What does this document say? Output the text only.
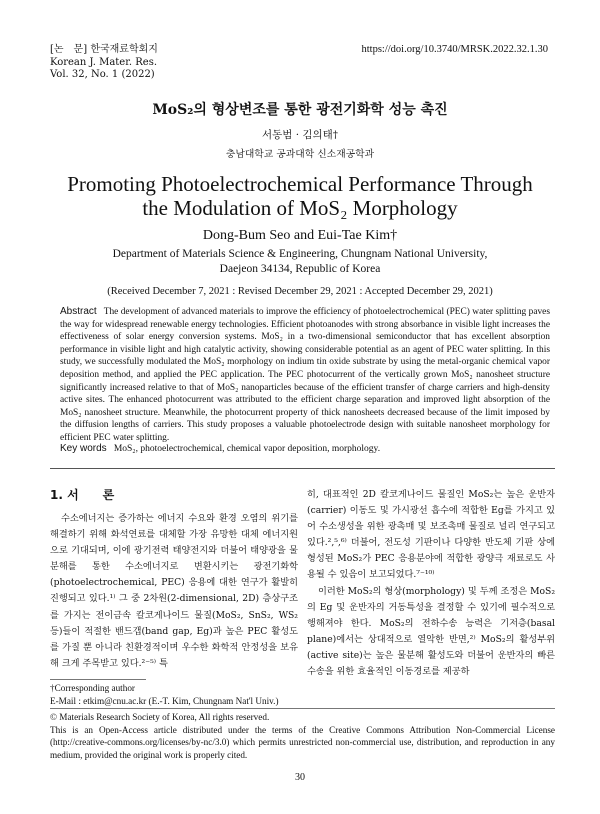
[논　문] 한국재료학회지
Korean J. Mater. Res.
Vol. 32, No. 1 (2022)
https://doi.org/10.3740/MRSK.2022.32.1.30
MoS₂의 형상변조를 통한 광전기화학 성능 촉진
서동범 · 김의태†
충남대학교 공과대학 신소재공학과
Promoting Photoelectrochemical Performance Through
the Modulation of MoS₂ Morphology
Dong-Bum Seo and Eui-Tae Kim†
Department of Materials Science & Engineering, Chungnam National University,
Daejeon 34134, Republic of Korea
(Received December 7, 2021 : Revised December 29, 2021 : Accepted December 29, 2021)
Abstract The development of advanced materials to improve the efficiency of photoelectrochemical (PEC) water splitting paves the way for widespread renewable energy technologies. Efficient photoanodes with strong absorbance in visible light increases the effectiveness of solar energy conversion systems. MoS₂ in a two-dimensional semiconductor that has excellent absorption performance in visible light and high catalytic activity, showing considerable potential as an agent of PEC water splitting. In this study, we successfully modulated the MoS₂ morphology on indium tin oxide substrate by using the metal-organic chemical vapor deposition method, and applied the PEC application. The PEC photocurrent of the vertically grown MoS₂ nanosheet structure significantly increased relative to that of MoS₂ nanoparticles because of the efficient transfer of charge carriers and high-density active sites. The enhanced photocurrent was attributed to the efficient charge separation and improved light absorption of the MoS₂ nanosheet structure. Meanwhile, the photocurrent property of thick nanosheets decreased because of the limit imposed by the diffusion lengths of carriers. This study proposes a valuable photoelectrode design with suitable nanosheet morphology for efficient PEC water splitting.
Key words MoS₂, photoelectrochemical, chemical vapor deposition, morphology.
1. 서　　론

수소에너지는 증가하는 에너지 수요와 환경 오염의 위기를 해결하기 위해 화석연료를 대체할 가장 유망한 대체 에너지원으로 기대되며, 이에 광기전력 태양전지와 더불어 태양광을 물분해를 통한 수소에너지로 변환시키는 광전기화학(photoelectrochemical, PEC) 응용에 대한 연구가 활발히 진행되고 있다.¹⁾ 그 중 2차원(2-dimensional, 2D) 층상구조를 가지는 전이금속 칼코게나이드 물질(MoS₂, SnS₂, WS₂ 등)들이 적절한 밴드갭(band gap, Eg)과 높은 PEC 활성도를 가질 뿐 아니라 친환경적이며 우수한 화학적 안정성을 보유해 크게 주목받고 있다.²⁻⁵⁾ 특

히, 대표적인 2D 칼코게나이드 물질인 MoS₂는 높은 운반자(carrier) 이동도 및 가시광선 흡수에 적합한 Eg를 가지고 있어 수소생성을 위한 광촉매 및 보조촉매 물질로 널리 연구되고 있다.²,⁵,⁶⁾ 더불어, 전도성 기판이나 다양한 반도체 기판 상에 형성된 MoS₂가 PEC 응용분야에 적합한 광양극 재료로도 사용될 수 있음이 보고되었다.⁷⁻¹⁰⁾

이러한 MoS₂의 형상(morphology) 및 두께 조정은 MoS₂의 Eg 및 운반자의 거동특성을 결정할 수 있기에 필수적으로 행해져야 한다. MoS₂의 전하수송 능력은 기저층(basal plane)에서는 상대적으로 열악한 반면,²⁾ MoS₂의 활성부위(active site)는 높은 물분해 활성도와 더불어 운반자의 빠른 수송을 위한 효율적인 이동경로를 제공하

†Corresponding author
E-Mail : etkim@cnu.ac.kr (E.-T. Kim, Chungnam Nat'l Univ.)
© Materials Research Society of Korea, All rights reserved.
This is an Open-Access article distributed under the terms of the Creative Commons Attribution Non-Commercial License (http://creative-commons.org/licenses/by-nc/3.0) which permits unrestricted non-commercial use, distribution, and reproduction in any medium, provided the original work is properly cited.
30
